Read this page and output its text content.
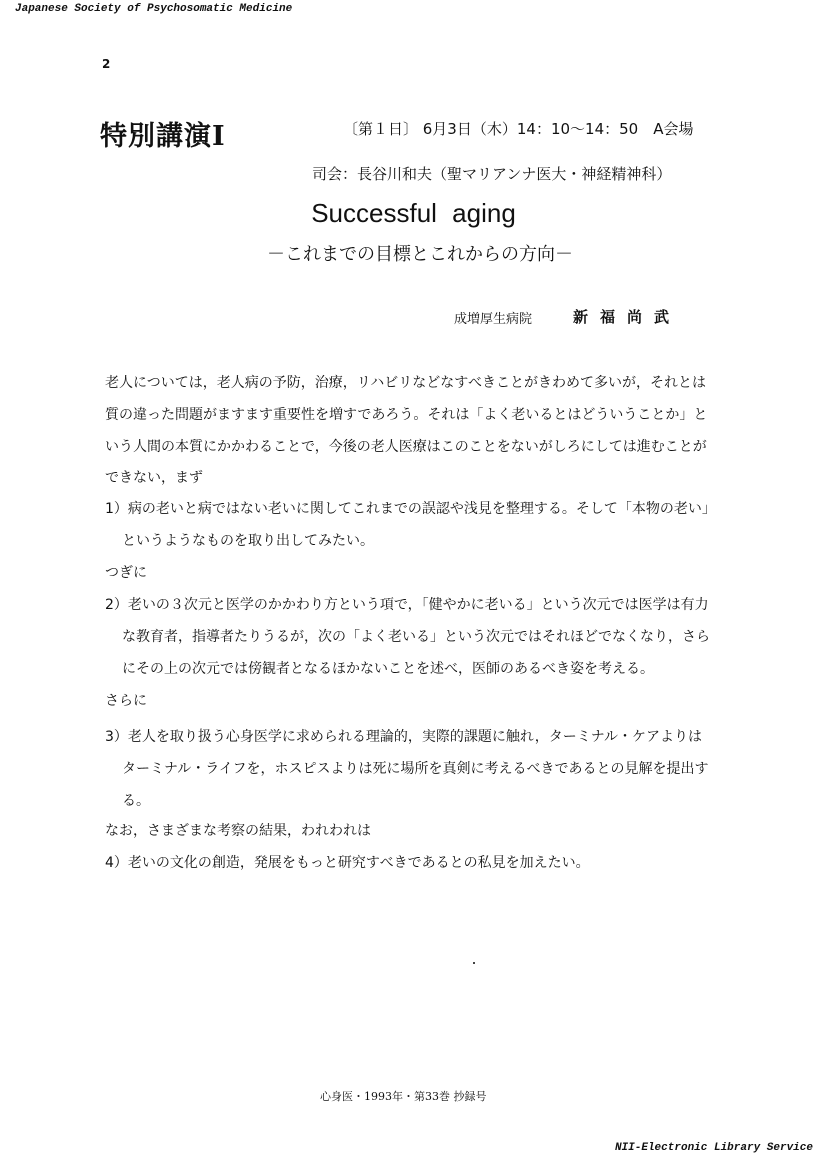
Japanese Society of Psychosomatic Medicine
2
特別講演Ⅰ	〔第１日〕 6月3日（木）14：10～14：50　A会場
司会：長谷川和夫（聖マリアンナ医大・神経精神科）
Successful aging
－これまでの目標とこれからの方向－
成増厚生病院	新福尚武
老人については，老人病の予防，治療，リハビリなどなすべきことがきわめて多いが，それとは
質の違った問題がますます重要性を増すであろう。それは「よく老いるとはどういうことか」と
いう人間の本質にかかわることで，今後の老人医療はこのことをないがしろにしては進むことが
できない，まず
1）病の老いと病ではない老いに関してこれまでの誤認や浅見を整理する。そして「本物の老い」
というようなものを取り出してみたい。
つぎに
2）老いの３次元と医学のかかわり方という項で，「健やかに老いる」という次元では医学は有力
な教育者，指導者たりうるが，次の「よく老いる」という次元ではそれほどでなくなり，さら
にその上の次元では傍観者となるほかないことを述べ，医師のあるべき姿を考える。
さらに
3）老人を取り扱う心身医学に求められる理論的，実際的課題に触れ，ターミナル・ケアよりは
ターミナル・ライフを，ホスピスよりは死に場所を真剣に考えるべきであるとの見解を提出す
る。
なお，さまざまな考察の結果，われわれは
4）老いの文化の創造，発展をもっと研究すべきであるとの私見を加えたい。
心身医・1993年・第33巻 抄録号
NII-Electronic Library Service
